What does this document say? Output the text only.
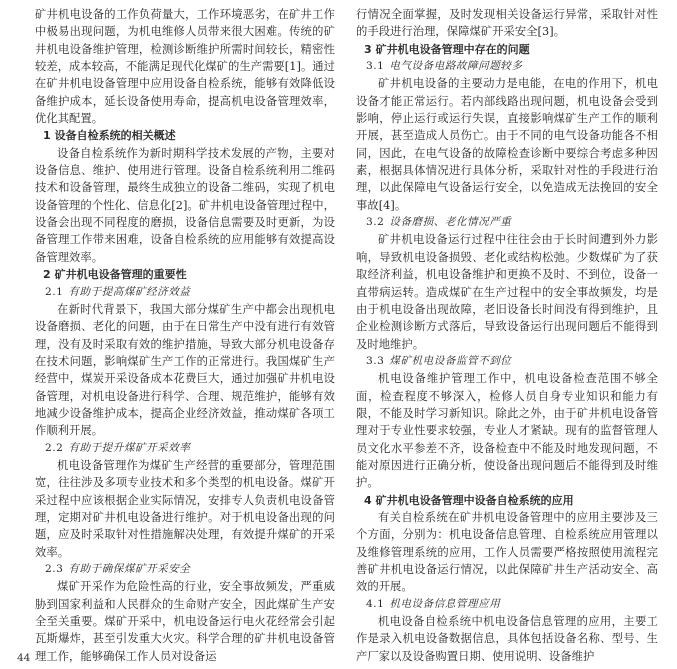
矿井机电设备的工作负荷量大，工作环境恶劣，在矿井工作中极易出现问题，为机电维修人员带来很大困难。传统的矿井机电设备维护管理，检测诊断维护所需时间较长，精密性较差，成本较高，不能满足现代化煤矿的生产需要[1]。通过在矿井机电设备管理中应用设备自检系统，能够有效降低设备维护成本，延长设备使用寿命，提高机电设备管理效率，优化其配置。

1 设备自检系统的相关概述

设备自检系统作为新时期科学技术发展的产物，主要对设备信息、维护、使用进行管理。设备自检系统利用二维码技术和设备管理，最终生成独立的设备二维码，实现了机电设备管理的个性化、信息化[2]。矿井机电设备管理过程中，设备会出现不同程度的磨损，设备信息需要及时更新，为设备管理工作带来困难，设备自检系统的应用能够有效提高设备管理效率。

2 矿井机电设备管理的重要性
2.1 有助于提高煤矿经济效益

在新时代背景下，我国大部分煤矿生产中都会出现机电设备磨损、老化的问题，由于在日常生产中没有进行有效管理，没有及时采取有效的维护措施，导致大部分机电设备存在技术问题，影响煤矿生产工作的正常进行。我国煤矿生产经营中，煤炭开采设备成本花费巨大，通过加强矿井机电设备管理，对机电设备进行科学、合理、规范维护，能够有效地减少设备维护成本，提高企业经济效益，推动煤矿各项工作顺利开展。

2.2 有助于提升煤矿开采效率

机电设备管理作为煤矿生产经营的重要部分，管理范围宽，往往涉及多项专业技术和多个类型的机电设备。煤矿开采过程中应该根据企业实际情况，安排专人负责机电设备管理，定期对矿井机电设备进行维护。对于机电设备出现的问题，应及时采取针对性措施解决处理，有效提升煤矿的开采效率。

2.3 有助于确保煤矿开采安全

煤矿开采作为危险性高的行业，安全事故频发，严重威胁到国家利益和人民群众的生命财产安全，因此煤矿生产安全至关重要。煤矿开采中，机电设备运行电火花经常会引起瓦斯爆炸，甚至引发重大火灾。科学合理的矿井机电设备管理工作，能够确保工作人员对设备运

行情况全面掌握，及时发现相关设备运行异常，采取针对性的手段进行治理，保障煤矿开采安全[3]。

3 矿井机电设备管理中存在的问题
3.1 电气设备电路故障问题较多

矿井机电设备的主要动力是电能，在电的作用下，机电设备才能正常运行。若内部线路出现问题，机电设备会受到影响，停止运行或运行失误，直接影响煤矿生产工作的顺利开展，甚至造成人员伤亡。由于不同的电气设备功能各不相同，因此，在电气设备的故障检查诊断中要综合考虑多种因素，根据具体情况进行具体分析，采取针对性的手段进行治理，以此保障电气设备运行安全，以免造成无法挽回的安全事故[4]。

3.2 设备磨损、老化情况严重

矿井机电设备运行过程中往往会由于长时间遭到外力影响，导致机电设备损毁、老化或结构松弛。少数煤矿为了获取经济利益，机电设备维护和更换不及时、不到位，设备一直带病运转。造成煤矿在生产过程中的安全事故频发，均是由于机电设备出现故障，老旧设备长时间没有得到维护，且企业检测诊断方式落后，导致设备运行出现问题后不能得到及时地维护。

3.3 煤矿机电设备监管不到位

机电设备维护管理工作中，机电设备检查范围不够全面，检查程度不够深入，检修人员自身专业知识和能力有限，不能及时学习新知识。除此之外，由于矿井机电设备管理对于专业性要求较强，专业人才紧缺。现有的监督管理人员文化水平参差不齐，设备检查中不能及时地发现问题，不能对原因进行正确分析，使设备出现问题后不能得到及时维护。

4 矿井机电设备管理中设备自检系统的应用

有关自检系统在矿井机电设备管理中的应用主要涉及三个方面，分别为：机电设备信息管理、自检系统应用管理以及维修管理系统的应用，工作人员需要严格按照使用流程完善矿井机电设备运行情况，以此保障矿井生产活动安全、高效的开展。

4.1 机电设备信息管理应用

机电设备自检系统中机电设备信息管理的应用，主要工作是录入机电设备数据信息，具体包括设备名称、型号、生产厂家以及设备购置日期、使用说明、设备维护

44
